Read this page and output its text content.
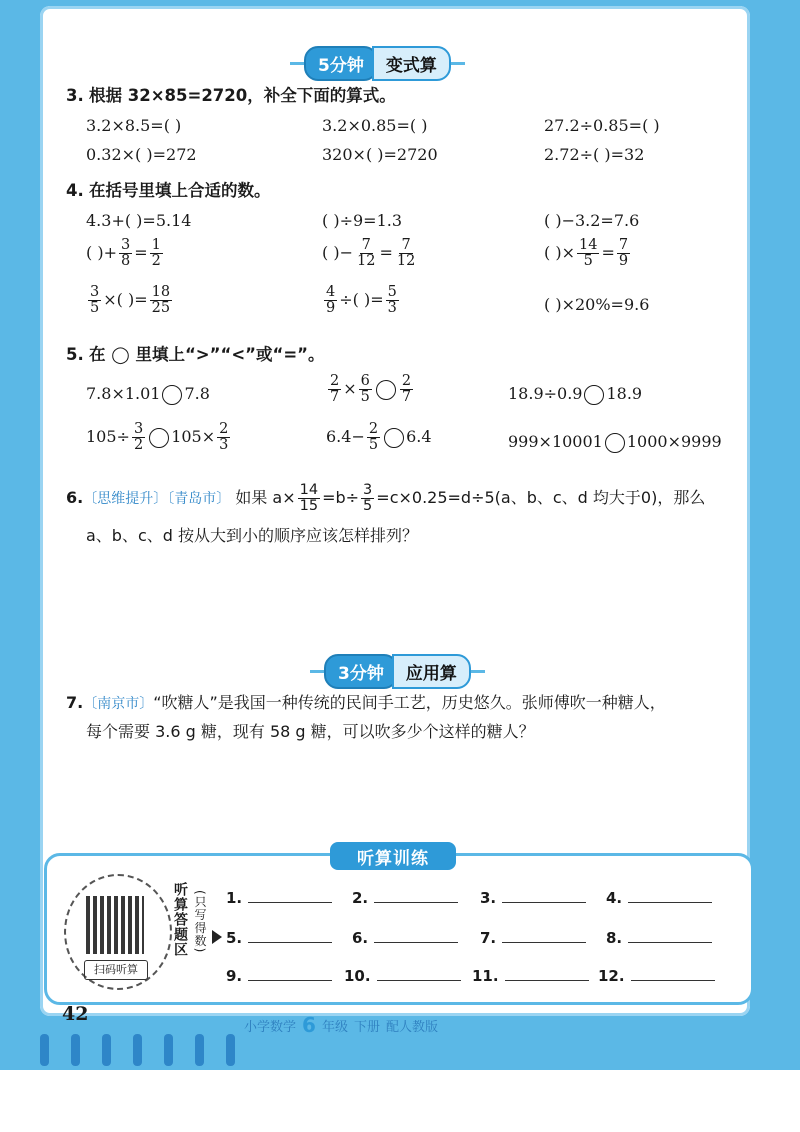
5分钟	变式算
3. 根据 32×85=2720，补全下面的算式。
3.2×8.5=( )	3.2×0.85=( )	27.2÷0.85=( )
0.32×( )=272	320×( )=2720	2.72÷( )=32
4. 在括号里填上合适的数。
4.3+( )=5.14	( )÷9=1.3	( )−3.2=7.6
( )+ $\frac{3}{8} = \frac{1}{2}$	( )− $\frac{7}{12} = \frac{7}{12}$	( )× $\frac{14}{5} = \frac{7}{9}$
$\frac{3}{5}$ ×( )= $\frac{18}{25}$	$\frac{4}{9}$ ÷( )= $\frac{5}{3}$	( )×20%=9.6
5. 在 ◯ 里填上“>”“<”或“=”。
7.8×1.01 7.8	$\frac{2}{7} \times \frac{6}{5} \frac{2}{7}$	18.9÷0.9 18.9
$105\div \frac{3}{2} 105\times \frac{2}{3}$	$6.4- \frac{2}{5} 6.4$	999×10001 1000×9999
6.〔思维提升〕〔青岛市〕 如果 $a\times \frac{14}{15} =b\div \frac{3}{5} =c\times 0.25=d\div 5(a$、b、c、d 均大于0)，那么
a、b、c、d 按从大到小的顺序应该怎样排列？
3分钟	应用算
7.〔南京市〕“吹糖人”是我国一种传统的民间手工艺，历史悠久。张师傅吹一种糖人，
每个需要 3.6 g 糖，现有 58 g 糖，可以吹多少个这样的糖人？
听算训练
扫码听算
听算答题区 (只写得数) 1.	2.	3.	4.
5.	6.	7.	8.
9.	10.	11.	12.
42
小学数学 6 年级 下册 配人教版
